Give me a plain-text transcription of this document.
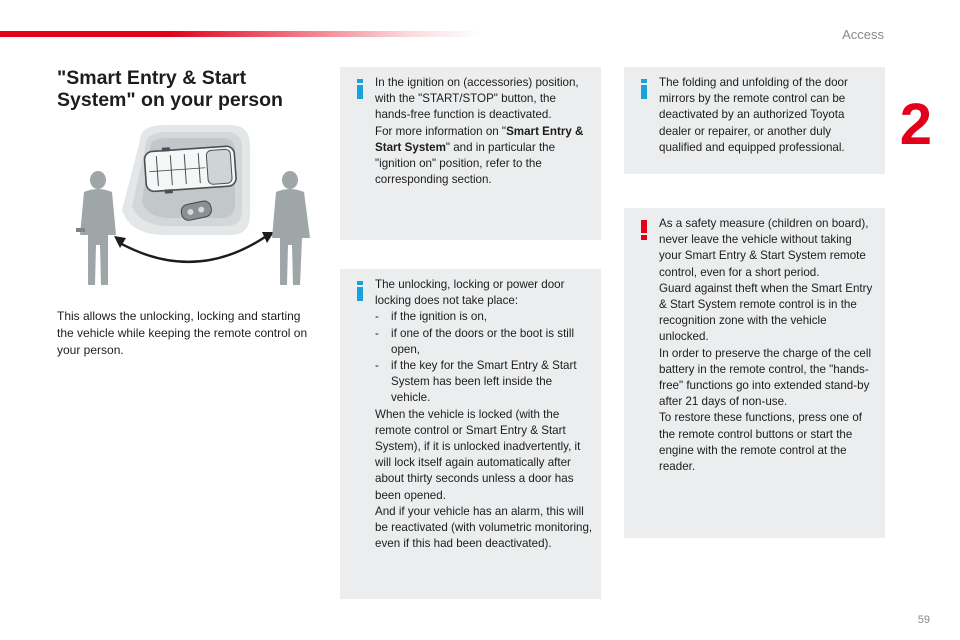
Access
2
"Smart Entry & Start System" on your person
This allows the unlocking, locking and starting the vehicle while keeping the remote control on your person.

In the ignition on (accessories) position, with the "START/STOP" button, the hands-free function is deactivated.

For more information on "Smart Entry & Start System" and in particular the "ignition on" position, refer to the corresponding section.

The unlocking, locking or power door locking does not take place:

- if the ignition is on,
- if one of the doors or the boot is still open,
- if the key for the Smart Entry & Start System has been left inside the vehicle.

When the vehicle is locked (with the remote control or Smart Entry & Start System), if it is unlocked inadvertently, it will lock itself again automatically after about thirty seconds unless a door has been opened.

And if your vehicle has an alarm, this will be reactivated (with volumetric monitoring, even if this had been deactivated).

The folding and unfolding of the door mirrors by the remote control can be deactivated by an authorized Toyota dealer or repairer, or another duly qualified and equipped professional.

As a safety measure (children on board), never leave the vehicle without taking your Smart Entry & Start System remote control, even for a short period.

Guard against theft when the Smart Entry & Start System remote control is in the recognition zone with the vehicle unlocked.

In order to preserve the charge of the cell battery in the remote control, the "hands-free" functions go into extended stand-by after 21 days of non-use.

To restore these functions, press one of the remote control buttons or start the engine with the remote control at the reader.

59
